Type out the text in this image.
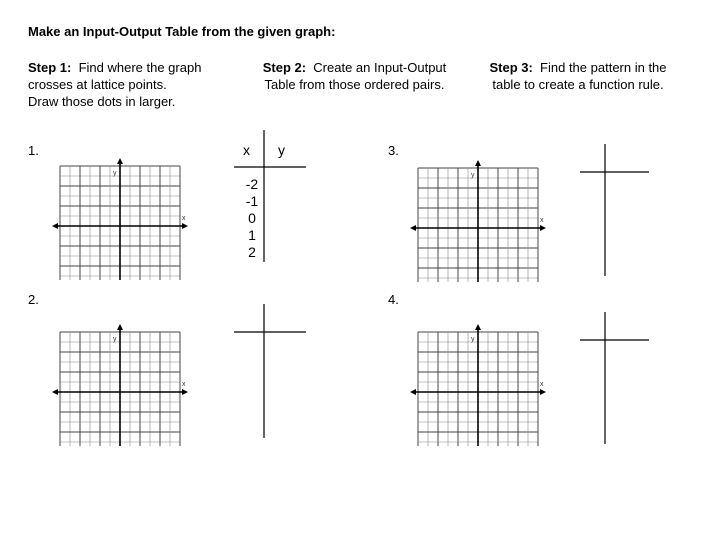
Make an Input-Output Table from the given graph:
Step 1: Find where the graph
crosses at lattice points.
Draw those dots in larger.
Step 2: Create an Input-Output
Table from those ordered pairs.
Step 3: Find the pattern in the
table to create a function rule.
1.
2.
3.
4.
y
x
y
x
y
x
y
x
x y
-2
-1
0
1
2
